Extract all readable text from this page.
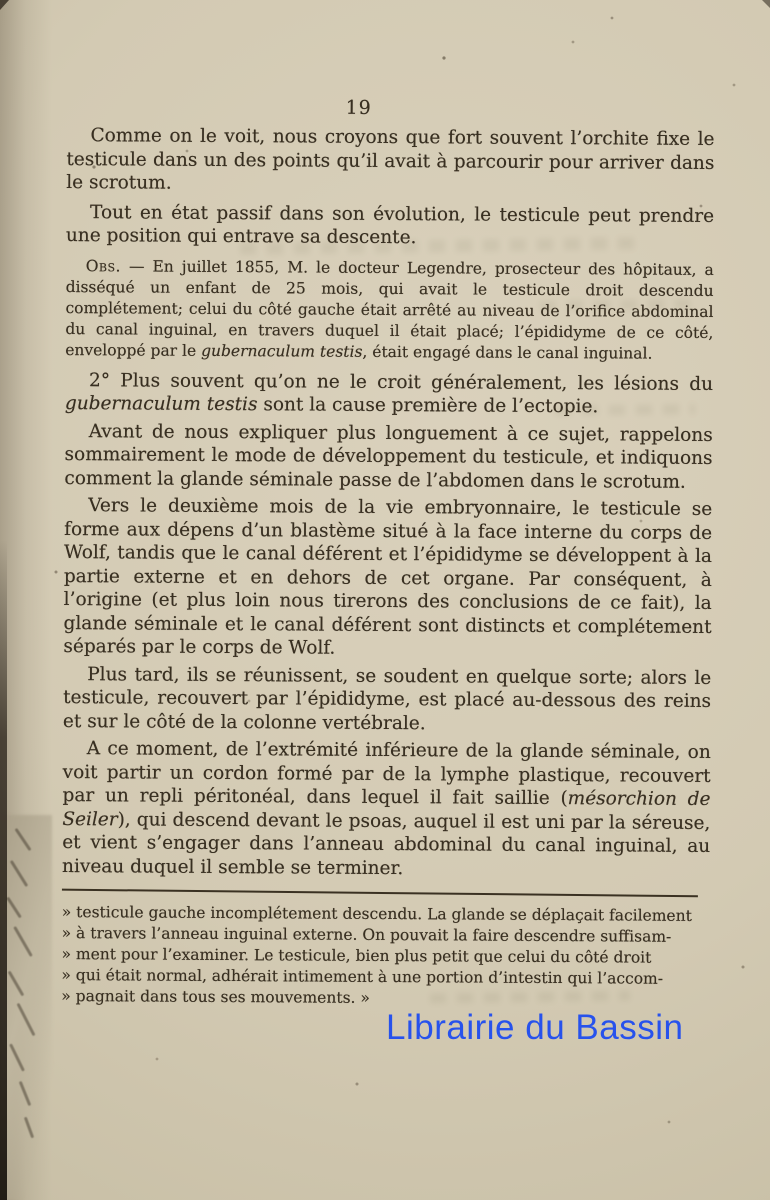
19

Comme on le voit, nous croyons que fort souvent l’orchite fixe le testicule dans un des points qu’il avait à parcourir pour arriver dans le scrotum.

Tout en état passif dans son évolution, le testicule peut prendre une position qui entrave sa descente.

Obs. — En juillet 1855, M. le docteur Legendre, prosecteur des hôpitaux, a disséqué un enfant de 25 mois, qui avait le testicule droit descendu complétement; celui du côté gauche était arrêté au niveau de l’orifice abdominal du canal inguinal, en travers duquel il était placé; l’épididyme de ce côté, enveloppé par le gubernaculum testis, était engagé dans le canal inguinal.

2° Plus souvent qu’on ne le croit généralement, les lésions du gubernaculum testis sont la cause première de l’ectopie.

Avant de nous expliquer plus longuement à ce sujet, rappelons sommairement le mode de développement du testicule, et indiquons comment la glande séminale passe de l’abdomen dans le scrotum.

Vers le deuxième mois de la vie embryonnaire, le testicule se forme aux dépens d’un blastème situé à la face interne du corps de Wolf, tandis que le canal déférent et l’épididyme se développent à la partie externe et en dehors de cet organe. Par conséquent, à l’origine (et plus loin nous tirerons des conclusions de ce fait), la glande séminale et le canal déférent sont distincts et complétement séparés par le corps de Wolf.

Plus tard, ils se réunissent, se soudent en quelque sorte; alors le testicule, recouvert par l’épididyme, est placé au-dessous des reins et sur le côté de la colonne vertébrale.

A ce moment, de l’extrémité inférieure de la glande séminale, on voit partir un cordon formé par de la lymphe plastique, recouvert par un repli péritonéal, dans lequel il fait saillie (mésorchion de Seiler), qui descend devant le psoas, auquel il est uni par la séreuse, et vient s’engager dans l’anneau abdominal du canal inguinal, au niveau duquel il semble se terminer.

» testicule gauche incomplétement descendu. La glande se déplaçait facilement
» à travers l’anneau inguinal externe. On pouvait la faire descendre suffisam-
» ment pour l’examiner. Le testicule, bien plus petit que celui du côté droit
» qui était normal, adhérait intimement à une portion d’intestin qui l’accom-
» pagnait dans tous ses mouvements. »
Librairie du Bassin
